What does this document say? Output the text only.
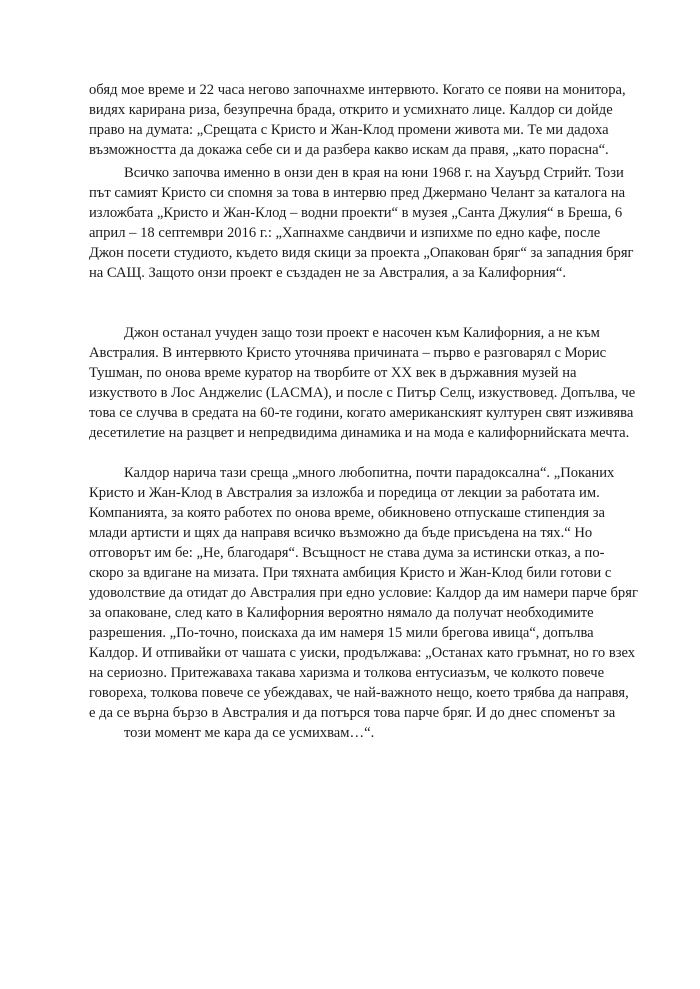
обяд мое време и 22 часа негово започнахме интервюто. Когато се появи на монитора,
видях карирана риза, безупречна брада, открито и усмихнато лице. Калдор си дойде
право на думата: „Срещата с Кристо и Жан-Клод промени живота ми. Те ми дадоха
възможността да докажа себе си и да разбера какво искам да правя, „като порасна“.

Всичко започва именно в онзи ден в края на юни 1968 г. на Хауърд Стрийт. Този
път самият Кристо си спомня за това в интервю пред Джермано Челант за каталога на
изложбата „Кристо и Жан-Клод – водни проекти“ в музея „Санта Джулия“ в Бреша, 6
април – 18 септември 2016 г.: „Хапнахме сандвичи и изпихме по едно кафе, после
Джон посети студиото, където видя скици за проекта „Опакован бряг“ за западния бряг
на САЩ. Защото онзи проект е създаден не за Австралия, а за Калифорния“.

Джон останал учуден защо този проект е насочен към Калифорния, а не към
Австралия. В интервюто Кристо уточнява причината – първо е разговарял с Морис
Тушман, по онова време куратор на творбите от XX век в държавния музей на
изкуството в Лос Анджелис (LACMA), и после с Питър Селц, изкуствовед. Допълва, че
това се случва в средата на 60-те години, когато американският културен свят изживява
десетилетие на разцвет и непредвидима динамика и на мода е калифорнийската мечта.

Калдор нарича тази среща „много любопитна, почти парадоксална“. „Поканих
Кристо и Жан-Клод в Австралия за изложба и поредица от лекции за работата им.
Компанията, за която работех по онова време, обикновено отпускаше стипендия за
млади артисти и щях да направя всичко възможно да бъде присъдена на тях.“ Но
отговорът им бе: „Не, благодаря“. Всъщност не става дума за истински отказ, а по-
скоро за вдигане на мизата. При тяхната амбиция Кристо и Жан-Клод били готови с
удоволствие да отидат до Австралия при едно условие: Калдор да им намери парче бряг
за опаковане, след като в Калифорния вероятно нямало да получат необходимите
разрешения. „По-точно, поискаха да им намеря 15 мили брегова ивица“, допълва
Калдор. И отпивайки от чашата с уиски, продължава: „Останах като гръмнат, но го взех
на сериозно. Притежаваха такава харизма и толкова ентусиазъм, че колкото повече
говореха, толкова повече се убеждавах, че най-важното нещо, което трябва да направя,
е да се върна бързо в Австралия и да потърся това парче бряг. И до днес споменът за
този момент ме кара да се усмихвам…“.
